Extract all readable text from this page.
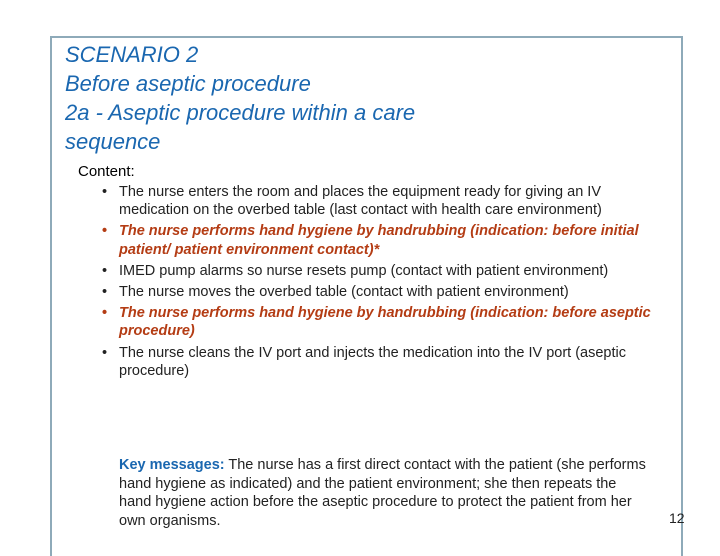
SCENARIO 2
Before aseptic procedure
2a - Aseptic procedure within a care
sequence
Content:
• The nurse enters the room and places the equipment ready for giving an IV medication on the overbed table (last contact with health care environment)
• The nurse performs hand hygiene by handrubbing (indication: before initial patient/ patient environment contact)*
• IMED pump alarms so nurse resets pump (contact with patient environment)
• The nurse moves the overbed table (contact with patient environment)
• The nurse performs hand hygiene by handrubbing (indication: before aseptic procedure)
• The nurse cleans the IV port and injects the medication into the IV port (aseptic procedure)
Key messages: The nurse has a first direct contact with the patient (she performs hand hygiene as indicated) and the patient environment; she then repeats the hand hygiene action before the aseptic procedure to protect the patient from her own organisms.	12
